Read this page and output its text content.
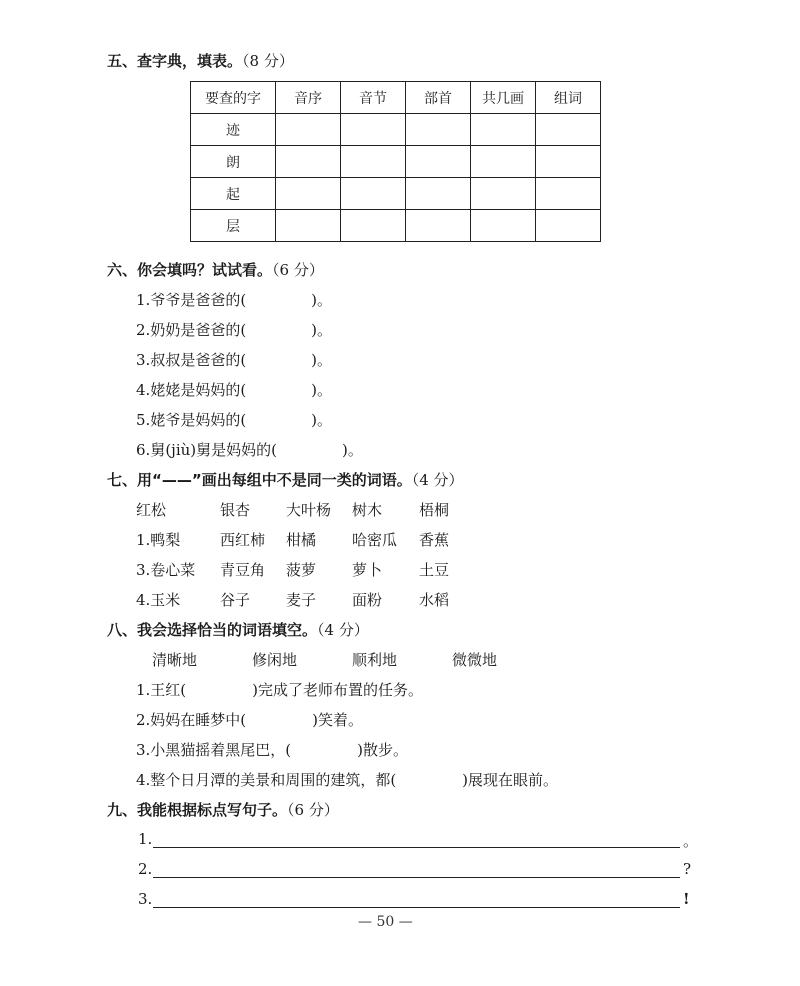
五、查字典，填表。（8 分）
要查的字	音序	音节	部首	共几画	组词
迹					
朗					
起					
层					
六、你会填吗？试试看。（6 分）
1.爷爷是爸爸的(	)。
2.奶奶是爸爸的(	)。
3.叔叔是爸爸的(	)。
4.姥姥是妈妈的(	)。
5.姥爷是妈妈的(	)。
6.舅(jiù)舅是妈妈的(	)。
七、用“——”画出每组中不是同一类的词语。（4 分）
红松	银杏 大叶杨 树木 梧桐
1.鸭梨	西红柿 柑橘 哈密瓜 香蕉
3.卷心菜 青豆角 菠萝 萝卜 土豆
4.玉米	谷子 麦子 面粉 水稻
八、我会选择恰当的词语填空。（4 分）
清晰地	修闲地	顺利地	微微地
1.王红(	)完成了老师布置的任务。
2.妈妈在睡梦中(	)笑着。
3.小黑猫摇着黑尾巴，(	)散步。
4.整个日月潭的美景和周围的建筑，都(	)展现在眼前。
九、我能根据标点写句子。（6 分）
1.	。
2.	?
3.	!
— 50 —
